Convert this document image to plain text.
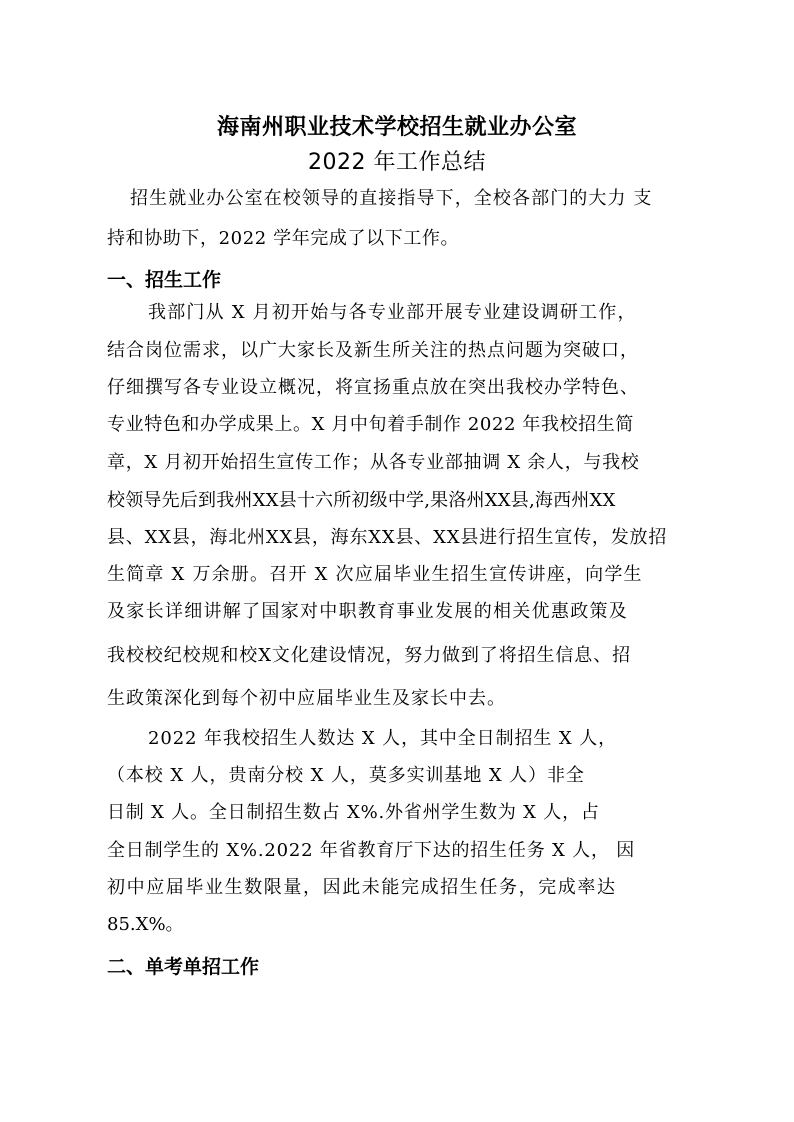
海南州职业技术学校招生就业办公室
2022 年工作总结
招生就业办公室在校领导的直接指导下，全校各部门的大力 支
持和协助下，2022 学年完成了以下工作。
一、招生工作
我部门从 X 月初开始与各专业部开展专业建设调研工作，
结合岗位需求，以广大家长及新生所关注的热点问题为突破口，
仔细撰写各专业设立概况，将宣扬重点放在突出我校办学特色、
专业特色和办学成果上。X 月中旬着手制作 2022 年我校招生简
章，X 月初开始招生宣传工作；从各专业部抽调 X 余人，与我校
校领导先后到我州XX县十六所初级中学,果洛州XX县,海西州XX
县、XX县，海北州XX县，海东XX县、XX县进行招生宣传，发放招
生简章 X 万余册。召开 X 次应届毕业生招生宣传讲座，向学生
及家长详细讲解了国家对中职教育事业发展的相关优惠政策及
我校校纪校规和校X文化建设情况，努力做到了将招生信息、招
生政策深化到每个初中应届毕业生及家长中去。
2022 年我校招生人数达 X 人，其中全日制招生 X 人，
（本校 X 人，贵南分校 X 人，莫多实训基地 X 人）非全
日制 X 人。全日制招生数占 X%.外省州学生数为 X 人，占
全日制学生的 X%.2022 年省教育厅下达的招生任务 X 人， 因
初中应届毕业生数限量，因此未能完成招生任务，完成率达
85.X%。
二、单考单招工作
